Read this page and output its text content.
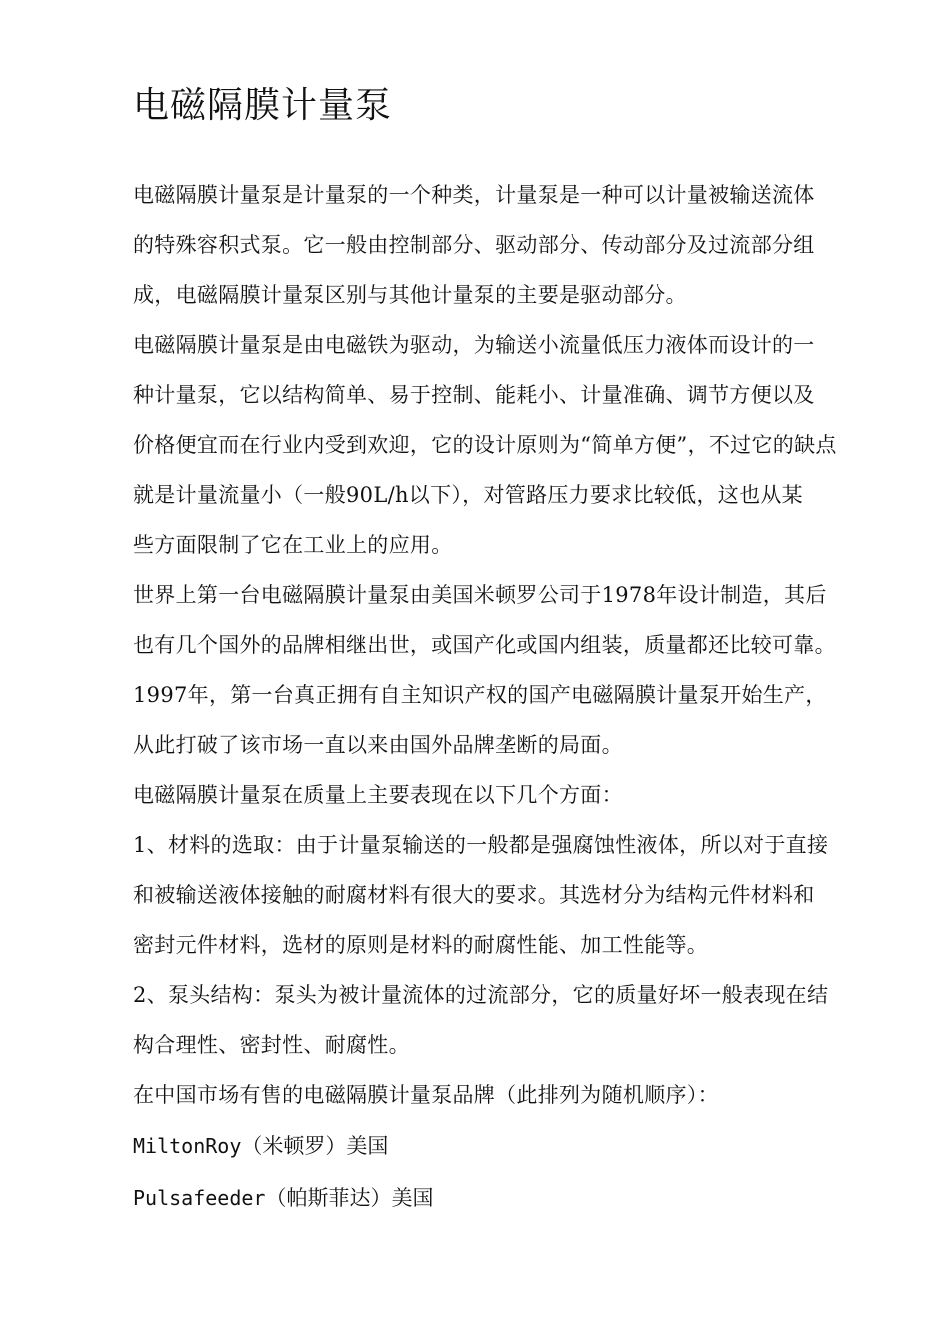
电磁隔膜计量泵

电磁隔膜计量泵是计量泵的一个种类，计量泵是一种可以计量被输送流体
的特殊容积式泵。它一般由控制部分、驱动部分、传动部分及过流部分组
成，电磁隔膜计量泵区别与其他计量泵的主要是驱动部分。

电磁隔膜计量泵是由电磁铁为驱动，为输送小流量低压力液体而设计的一
种计量泵，它以结构简单、易于控制、能耗小、计量准确、调节方便以及
价格便宜而在行业内受到欢迎，它的设计原则为“简单方便”，不过它的缺点
就是计量流量小（一般90L/h以下），对管路压力要求比较低，这也从某
些方面限制了它在工业上的应用。

世界上第一台电磁隔膜计量泵由美国米顿罗公司于1978年设计制造，其后
也有几个国外的品牌相继出世，或国产化或国内组装，质量都还比较可靠。
1997年，第一台真正拥有自主知识产权的国产电磁隔膜计量泵开始生产，
从此打破了该市场一直以来由国外品牌垄断的局面。

电磁隔膜计量泵在质量上主要表现在以下几个方面：

1、材料的选取：由于计量泵输送的一般都是强腐蚀性液体，所以对于直接
和被输送液体接触的耐腐材料有很大的要求。其选材分为结构元件材料和
密封元件材料，选材的原则是材料的耐腐性能、加工性能等。

2、泵头结构：泵头为被计量流体的过流部分，它的质量好坏一般表现在结
构合理性、密封性、耐腐性。

在中国市场有售的电磁隔膜计量泵品牌（此排列为随机顺序）：

MiltonRoy（米顿罗）美国

Pulsafeeder（帕斯菲达）美国
